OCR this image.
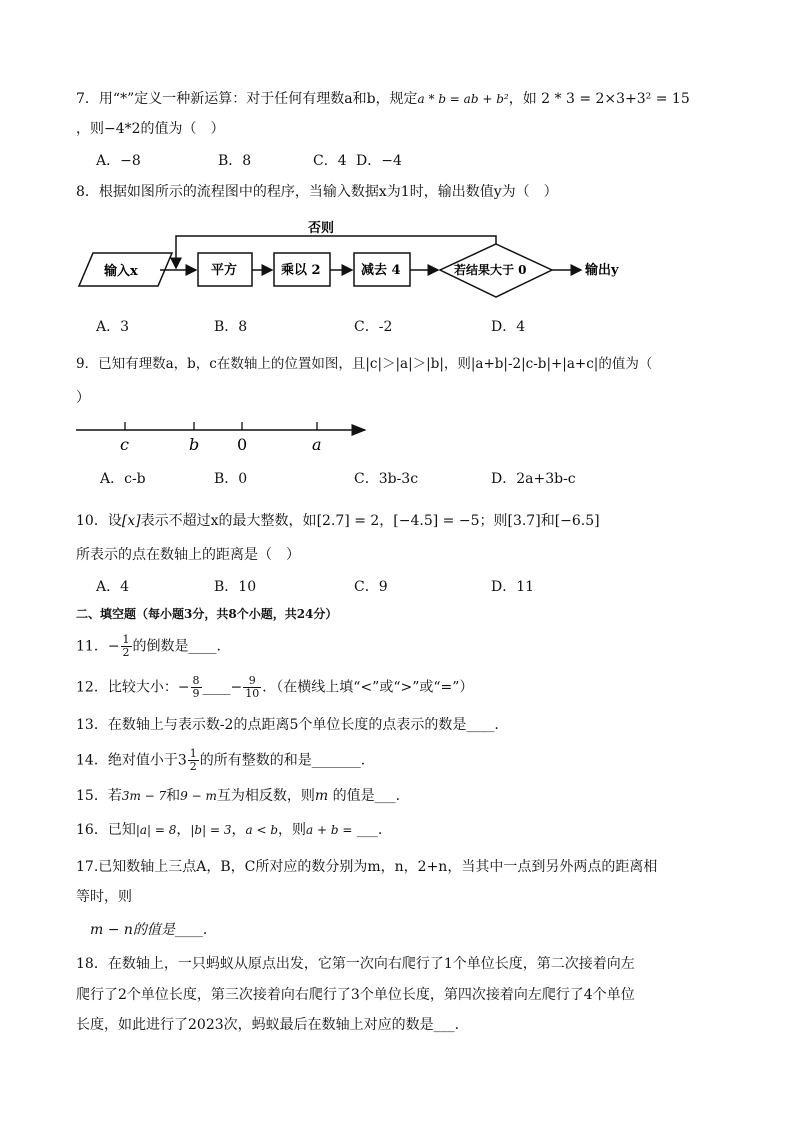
7．用“*”定义一种新运算：对于任何有理数a和b，规定a * b = ab + b²，如 2 * 3 = 2×3+3² = 15
，则−4*2的值为（　）
A．−8	B．8	C．4 D．−4
8．根据如图所示的流程图中的程序，当输入数据x为1时，输出数值y为（　）
否则
输入x	平方	乘以 2	减去 4	若结果大于 0	输出y
A．3	B．8	C．-2	D．4
9．已知有理数a，b，c在数轴上的位置如图，且|c|＞|a|＞|b|，则|a+b|-2|c-b|+|a+c|的值为（
）
c	b 0	a
A．c-b	B．0	C．3b-3c	D．2a+3b-c
10．设[x]表示不超过x的最大整数，如[2.7] = 2，[−4.5] = −5；则[3.7]和[−6.5]
所表示的点在数轴上的距离是（　）
A．4	B．10	C．9	D．11
二、填空题（每小题3分，共8个小题，共24分）
11．− $\frac{1}{2}$ 的倒数是____.
12．比较大小：− $\frac{8}{9}$ ____− $\frac{9}{10}$ ．（在横线上填“<”或“>”或“=”）
13．在数轴上与表示数-2的点距离5个单位长度的点表示的数是____.
14．绝对值小于$3 \frac{1}{2}$ 的所有整数的和是_______.
15．若3m − 7和9 − m互为相反数，则m 的值是___.
16．已知|a| = 8，|b| = 3，a < b，则a + b = ___.
17.已知数轴上三点A，B，C所对应的数分别为m，n，2+n，当其中一点到另外两点的距离相
等时，则
m − n的值是____.
18．在数轴上，一只蚂蚁从原点出发，它第一次向右爬行了1个单位长度，第二次接着向左
爬行了2个单位长度，第三次接着向右爬行了3个单位长度，第四次接着向左爬行了4个单位
长度，如此进行了2023次，蚂蚁最后在数轴上对应的数是___.
